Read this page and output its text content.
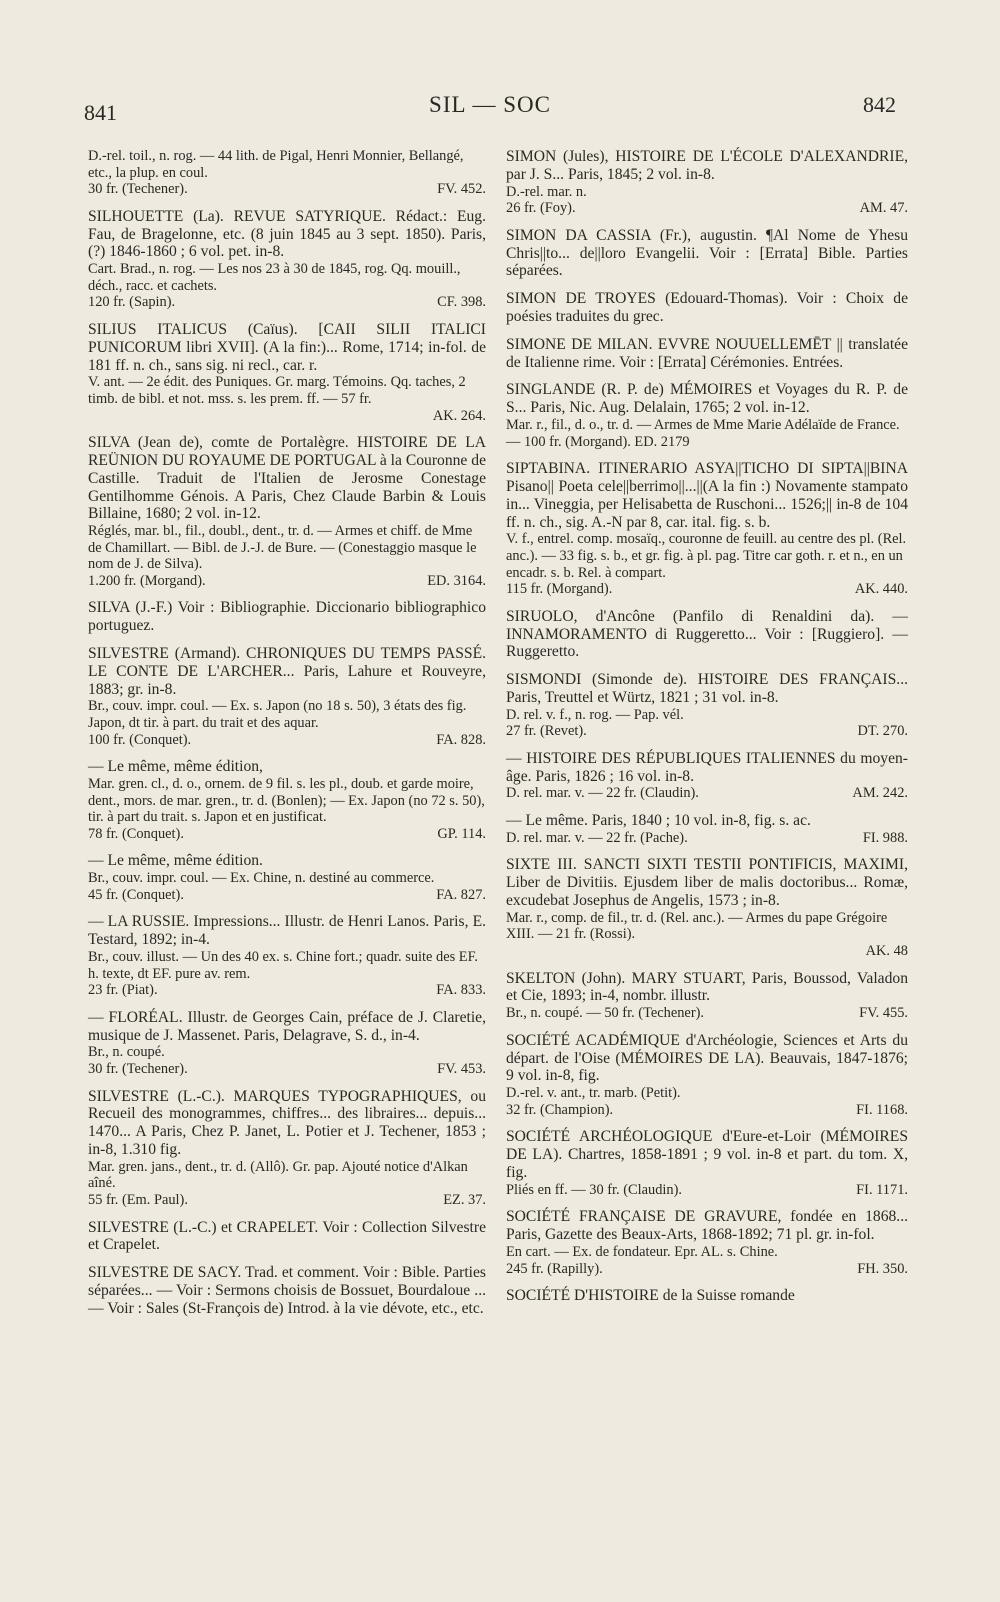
841	SIL — SOC	842
D.-rel. toil., n. rog. — 44 lith. de Pigal, Henri Monnier, Bellangé, etc., la plup. en coul.
30 fr. (Techener).	FV. 452.
SILHOUETTE (La). REVUE SATYRIQUE. Rédact.: Eug. Fau, de Bragelonne, etc. (8 juin 1845 au 3 sept. 1850). Paris, (?) 1846-1860 ; 6 vol. pet. in-8.
Cart. Brad., n. rog. — Les nos 23 à 30 de 1845, rog. Qq. mouill., déch., racc. et cachets.
120 fr. (Sapin).	CF. 398.
SILIUS ITALICUS (Caïus). [CAII SILII ITALICI PUNICORUM libri XVII]. (A la fin:)... Rome, 1714; in-fol. de 181 ff. n. ch., sans sig. ni recl., car. r.
V. ant. — 2e édit. des Puniques. Gr. marg. Témoins. Qq. taches, 2 timb. de bibl. et not. mss. s. les prem. ff. — 57 fr.
AK. 264.
SILVA (Jean de), comte de Portalègre. HISTOIRE DE LA REÜNION DU ROYAUME DE PORTUGAL à la Couronne de Castille. Traduit de l'Italien de Jerosme Conestage Gentilhomme Génois. A Paris, Chez Claude Barbin & Louis Billaine, 1680; 2 vol. in-12.
Réglés, mar. bl., fil., doubl., dent., tr. d. — Armes et chiff. de Mme de Chamillart. — Bibl. de J.-J. de Bure. — (Conestaggio masque le nom de J. de Silva).
1.200 fr. (Morgand).	ED. 3164.
SILVA (J.-F.) Voir : Bibliographie. Diccionario bibliographico portuguez.
SILVESTRE (Armand). CHRONIQUES DU TEMPS PASSÉ. LE CONTE DE L'ARCHER... Paris, Lahure et Rouveyre, 1883; gr. in-8.
Br., couv. impr. coul. — Ex. s. Japon (no 18 s. 50), 3 états des fig. Japon, dt tir. à part. du trait et des aquar.
100 fr. (Conquet).	FA. 828.
— Le même, même édition,
Mar. gren. cl., d. o., ornem. de 9 fil. s. les pl., doub. et garde moire, dent., mors. de mar. gren., tr. d. (Bonlen); — Ex. Japon (no 72 s. 50), tir. à part du trait. s. Japon et en justificat.
78 fr. (Conquet).	GP. 114.
— Le même, même édition.
Br., couv. impr. coul. — Ex. Chine, n. destiné au commerce.
45 fr. (Conquet).	FA. 827.
— LA RUSSIE. Impressions... Illustr. de Henri Lanos. Paris, E. Testard, 1892; in-4.
Br., couv. illust. — Un des 40 ex. s. Chine fort.; quadr. suite des EF. h. texte, dt EF. pure av. rem.
23 fr. (Piat).	FA. 833.
— FLORÉAL. Illustr. de Georges Cain, préface de J. Claretie, musique de J. Massenet. Paris, Delagrave, S. d., in-4.
Br., n. coupé.
30 fr. (Techener).	FV. 453.
SILVESTRE (L.-C.). MARQUES TYPOGRAPHIQUES, ou Recueil des monogrammes, chiffres... des libraires... depuis... 1470... A Paris, Chez P. Janet, L. Potier et J. Techener, 1853 ; in-8, 1.310 fig.
Mar. gren. jans., dent., tr. d. (Allô). Gr. pap. Ajouté notice d'Alkan aîné.
55 fr. (Em. Paul).	EZ. 37.
SILVESTRE (L.-C.) et CRAPELET. Voir : Collection Silvestre et Crapelet.
SILVESTRE DE SACY. Trad. et comment. Voir : Bible. Parties séparées... — Voir : Sermons choisis de Bossuet, Bourdaloue ... — Voir : Sales (St-François de) Introd. à la vie dévote, etc., etc.
SIMON (Jules), HISTOIRE DE L'ÉCOLE D'ALEXANDRIE, par J. S... Paris, 1845; 2 vol. in-8.
D.-rel. mar. n.
26 fr. (Foy).	AM. 47.
SIMON DA CASSIA (Fr.), augustin. ¶Al Nome de Yhesu Chris||to... de||loro Evangelii. Voir : [Errata] Bible. Parties séparées.
SIMON DE TROYES (Edouard-Thomas). Voir : Choix de poésies traduites du grec.
SIMONE DE MILAN. EVVRE NOUUELLEMĒT || translatée de Italienne rime. Voir : [Errata] Cérémonies. Entrées.
SINGLANDE (R. P. de) MÉMOIRES et Voyages du R. P. de S... Paris, Nic. Aug. Delalain, 1765; 2 vol. in-12.
Mar. r., fil., d. o., tr. d. — Armes de Mme Marie Adélaïde de France. — 100 fr. (Morgand). ED. 2179
SIPTABINA. ITINERARIO ASYA||TICHO DI SIPTA||BINA Pisano|| Poeta cele||berrimo||...||(A la fin :) Novamente stampato in... Vineggia, per Helisabetta de Ruschoni... 1526;|| in-8 de 104 ff. n. ch., sig. A.-N par 8, car. ital. fig. s. b.
V. f., entrel. comp. mosaïq., couronne de feuill. au centre des pl. (Rel. anc.). — 33 fig. s. b., et gr. fig. à pl. pag. Titre car goth. r. et n., en un encadr. s. b. Rel. à compart.
115 fr. (Morgand).	AK. 440.
SIRUOLO, d'Ancône (Panfilo di Renaldini da). — INNAMORAMENTO di Ruggeretto... Voir : [Ruggiero]. — Ruggeretto.
SISMONDI (Simonde de). HISTOIRE DES FRANÇAIS... Paris, Treuttel et Würtz, 1821 ; 31 vol. in-8.
D. rel. v. f., n. rog. — Pap. vél.
27 fr. (Revet).	DT. 270.
— HISTOIRE DES RÉPUBLIQUES ITALIENNES du moyen-âge. Paris, 1826 ; 16 vol. in-8.
D. rel. mar. v. — 22 fr. (Claudin).	AM. 242.
— Le même. Paris, 1840 ; 10 vol. in-8, fig. s. ac.
D. rel. mar. v. — 22 fr. (Pache).	FI. 988.
SIXTE III. SANCTI SIXTI TESTII PONTIFICIS, MAXIMI, Liber de Divitiis. Ejusdem liber de malis doctoribus... Romæ, excudebat Josephus de Angelis, 1573 ; in-8.
Mar. r., comp. de fil., tr. d. (Rel. anc.). — Armes du pape Grégoire XIII. — 21 fr. (Rossi).
AK. 48
SKELTON (John). MARY STUART, Paris, Boussod, Valadon et Cie, 1893; in-4, nombr. illustr.
Br., n. coupé. — 50 fr. (Techener).	FV. 455.
SOCIÉTÉ ACADÉMIQUE d'Archéologie, Sciences et Arts du départ. de l'Oise (MÉMOIRES DE LA). Beauvais, 1847-1876; 9 vol. in-8, fig.
D.-rel. v. ant., tr. marb. (Petit).
32 fr. (Champion).	FI. 1168.
SOCIÉTÉ ARCHÉOLOGIQUE d'Eure-et-Loir (MÉMOIRES DE LA). Chartres, 1858-1891 ; 9 vol. in-8 et part. du tom. X, fig.
Pliés en ff. — 30 fr. (Claudin).	FI. 1171.
SOCIÉTÉ FRANÇAISE DE GRAVURE, fondée en 1868... Paris, Gazette des Beaux-Arts, 1868-1892; 71 pl. gr. in-fol.
En cart. — Ex. de fondateur. Epr. AL. s. Chine.
245 fr. (Rapilly).	FH. 350.
SOCIÉTÉ D'HISTOIRE de la Suisse romande
